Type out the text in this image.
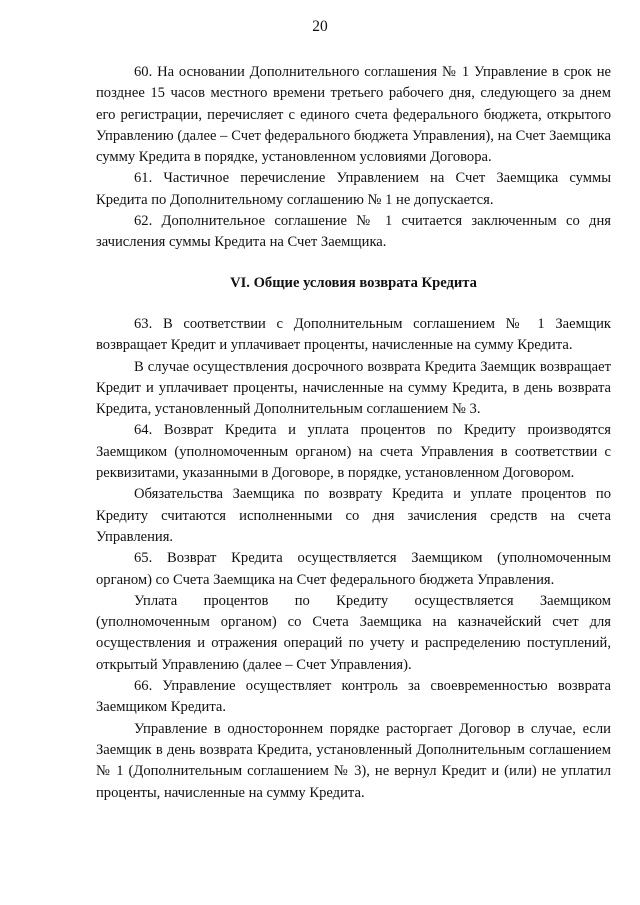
20

60. На основании Дополнительного соглашения № 1 Управление в срок не позднее 15 часов местного времени третьего рабочего дня, следующего за днем его регистрации, перечисляет с единого счета федерального бюджета, открытого Управлению (далее – Счет федерального бюджета Управления), на Счет Заемщика сумму Кредита в порядке, установленном условиями Договора.

61. Частичное перечисление Управлением на Счет Заемщика суммы Кредита по Дополнительному соглашению № 1 не допускается.

62. Дополнительное соглашение № 1 считается заключенным со дня зачисления суммы Кредита на Счет Заемщика.

VI. Общие условия возврата Кредита

63. В соответствии с Дополнительным соглашением № 1 Заемщик возвращает Кредит и уплачивает проценты, начисленные на сумму Кредита.

В случае осуществления досрочного возврата Кредита Заемщик возвращает Кредит и уплачивает проценты, начисленные на сумму Кредита, в день возврата Кредита, установленный Дополнительным соглашением № 3.

64. Возврат Кредита и уплата процентов по Кредиту производятся Заемщиком (уполномоченным органом) на счета Управления в соответствии с реквизитами, указанными в Договоре, в порядке, установленном Договором.

Обязательства Заемщика по возврату Кредита и уплате процентов по Кредиту считаются исполненными со дня зачисления средств на счета Управления.

65. Возврат Кредита осуществляется Заемщиком (уполномоченным органом) со Счета Заемщика на Счет федерального бюджета Управления.

Уплата процентов по Кредиту осуществляется Заемщиком (уполномоченным органом) со Счета Заемщика на казначейский счет для осуществления и отражения операций по учету и распределению поступлений, открытый Управлению (далее – Счет Управления).

66. Управление осуществляет контроль за своевременностью возврата Заемщиком Кредита.

Управление в одностороннем порядке расторгает Договор в случае, если Заемщик в день возврата Кредита, установленный Дополнительным соглашением № 1 (Дополнительным соглашением № 3), не вернул Кредит и (или) не уплатил проценты, начисленные на сумму Кредита.
